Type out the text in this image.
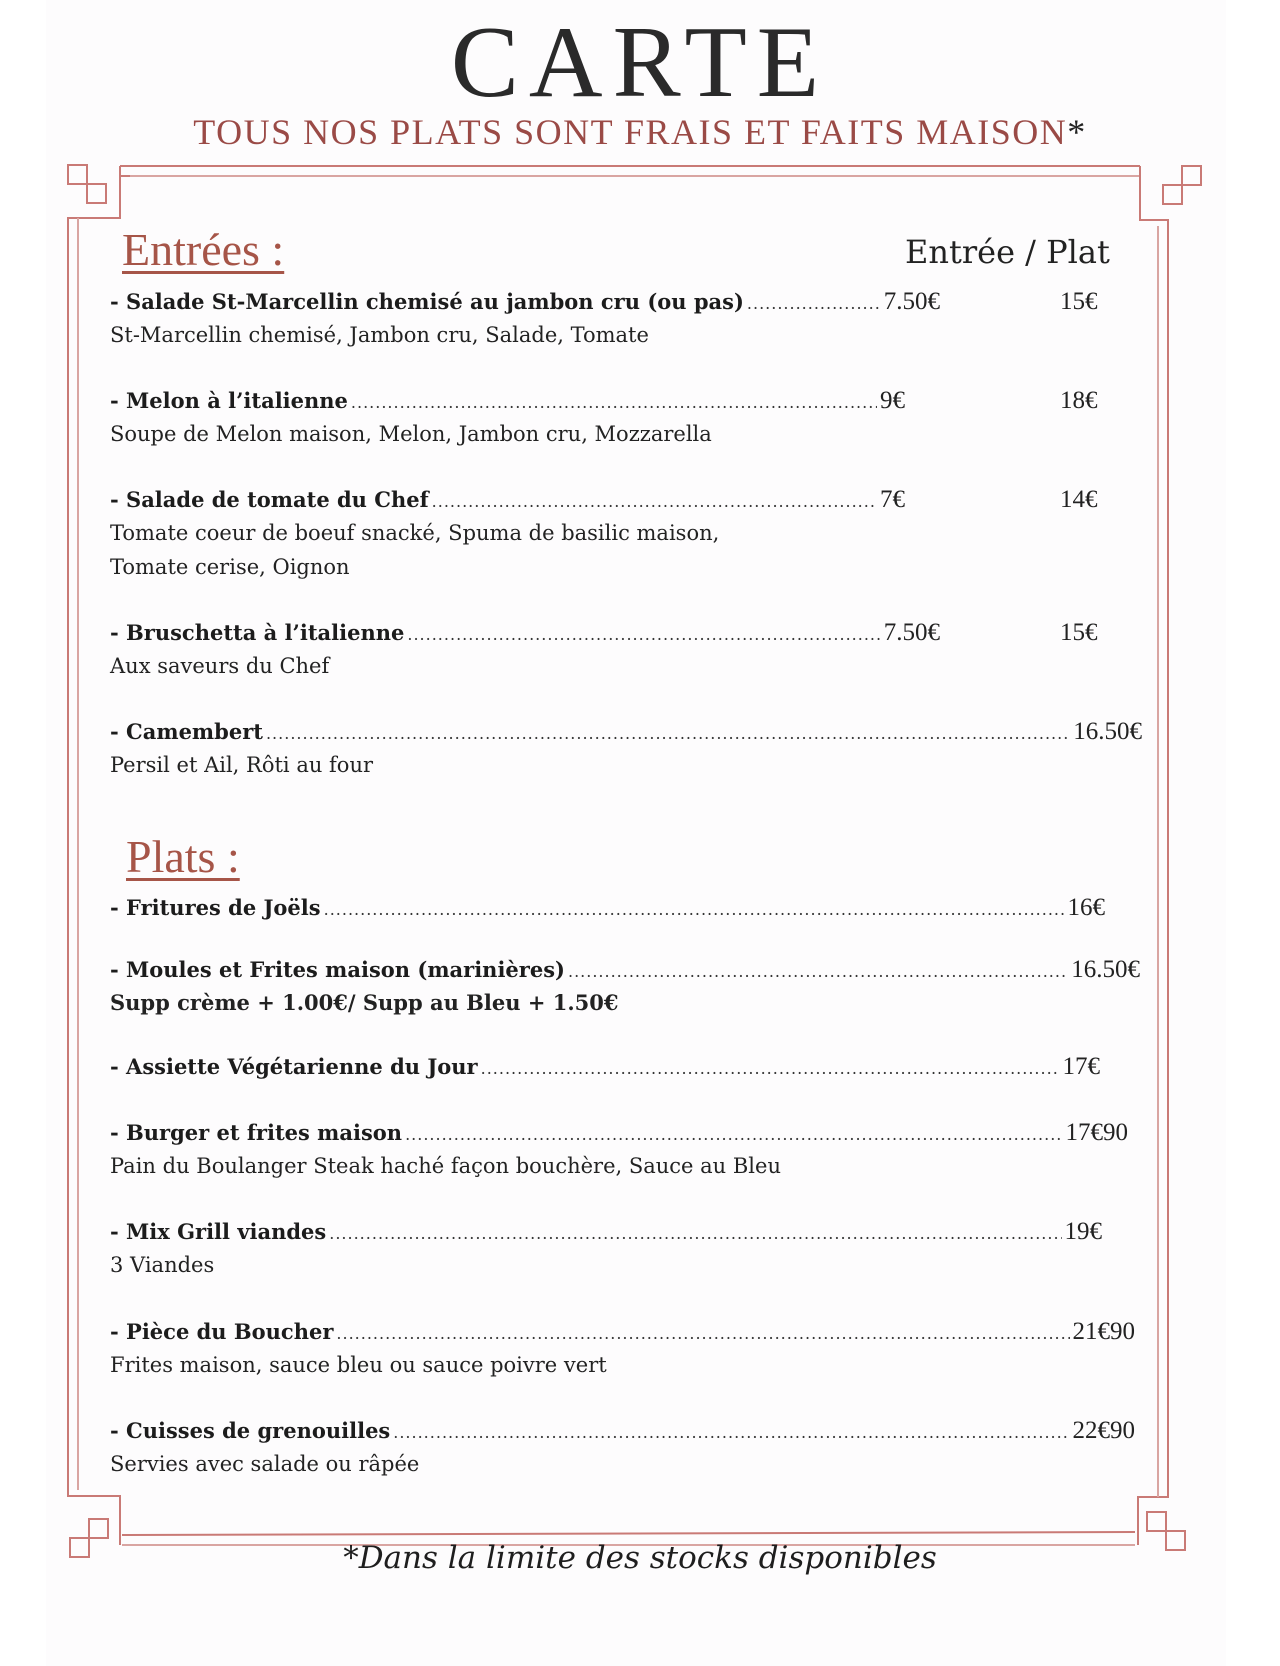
CARTE
TOUS NOS PLATS SONT FRAIS ET FAITS MAISON*
Entrées :	Entrée / Plat
- Salade St-Marcellin chemisé au jambon cru (ou pas) .....	7.50€	15€
St-Marcellin chemisé, Jambon cru, Salade, Tomate
- Melon à l’italienne .....	9€	18€
Soupe de Melon maison, Melon, Jambon cru, Mozzarella
- Salade de tomate du Chef .....	7€	14€
Tomate coeur de boeuf snacké, Spuma de basilic maison,
Tomate cerise, Oignon
- Bruschetta à l’italienne .....	7.50€	15€
Aux saveurs du Chef
- Camembert .....	16.50€
Persil et Ail, Rôti au four
Plats :
- Fritures de Joëls .....	16€
- Moules et Frites maison (marinières) .....	16.50€
Supp crème + 1.00€/ Supp au Bleu + 1.50€
- Assiette Végétarienne du Jour .....	17€
- Burger et frites maison .....	17€90
Pain du Boulanger Steak haché façon bouchère, Sauce au Bleu
- Mix Grill viandes .....	19€
3 Viandes
- Pièce du Boucher .....	21€90
Frites maison, sauce bleu ou sauce poivre vert
- Cuisses de grenouilles .....	22€90
Servies avec salade ou râpée
*Dans la limite des stocks disponibles
